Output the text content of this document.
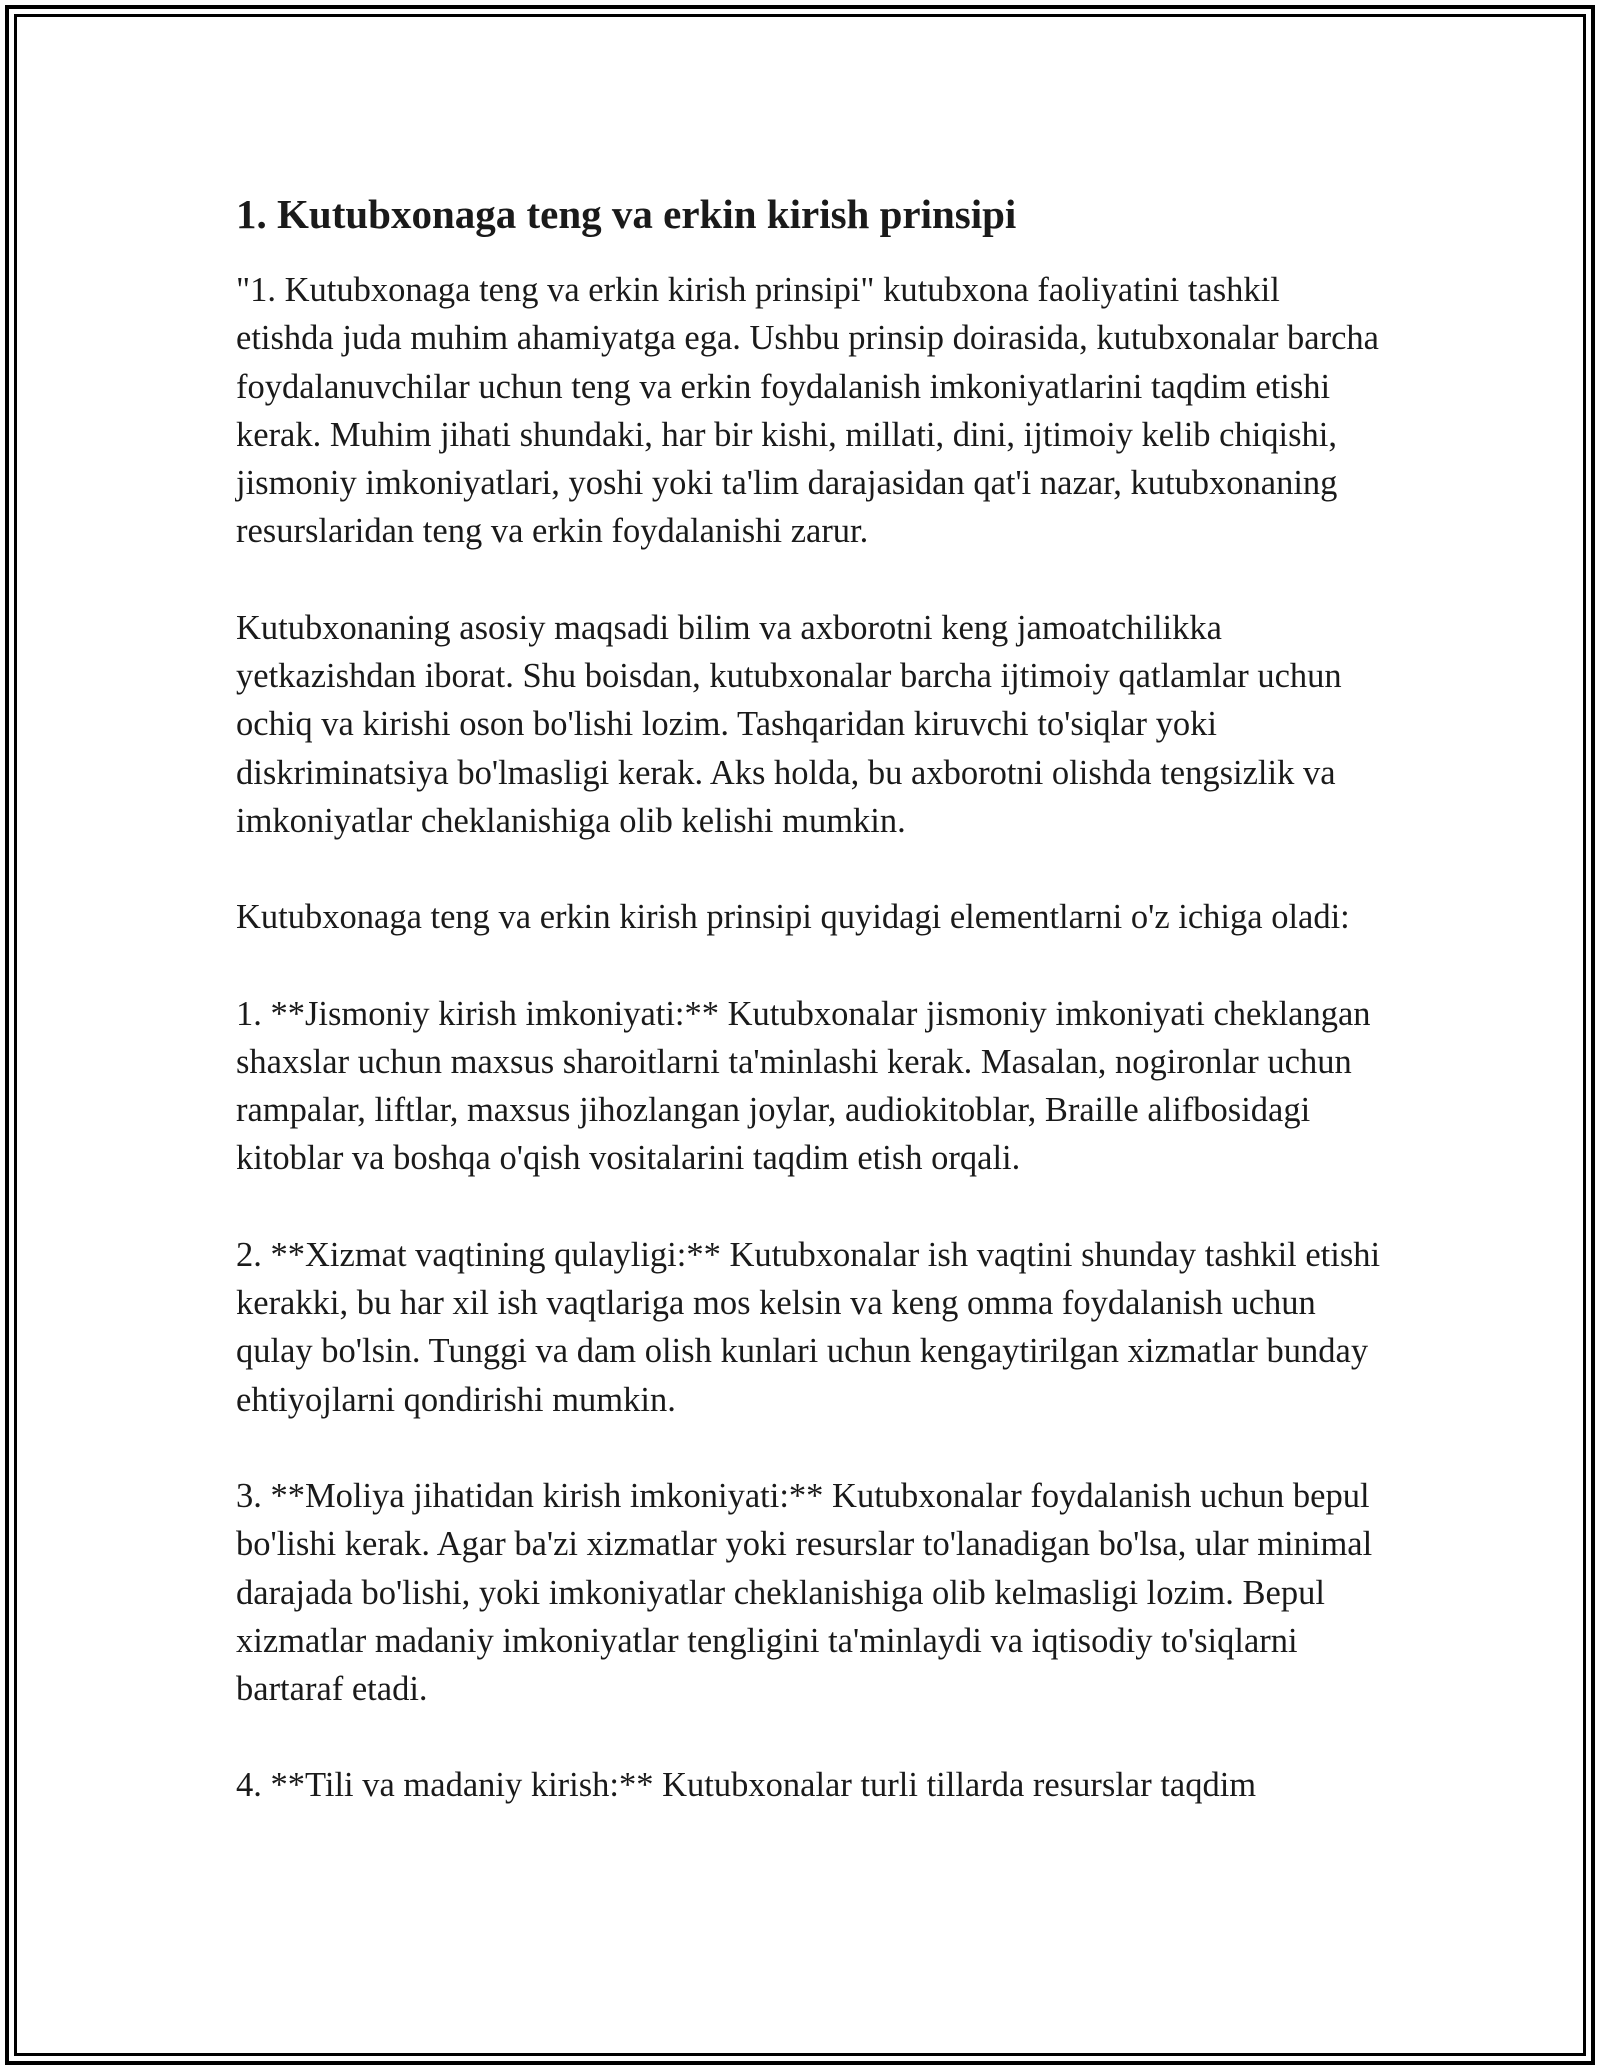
1. Kutubxonaga teng va erkin kirish prinsipi

"1. Kutubxonaga teng va erkin kirish prinsipi" kutubxona faoliyatini tashkil etishda juda muhim ahamiyatga ega. Ushbu prinsip doirasida, kutubxonalar barcha foydalanuvchilar uchun teng va erkin foydalanish imkoniyatlarini taqdim etishi kerak. Muhim jihati shundaki, har bir kishi, millati, dini, ijtimoiy kelib chiqishi, jismoniy imkoniyatlari, yoshi yoki ta'lim darajasidan qat'i nazar, kutubxonaning resurslaridan teng va erkin foydalanishi zarur.

Kutubxonaning asosiy maqsadi bilim va axborotni keng jamoatchilikka yetkazishdan iborat. Shu boisdan, kutubxonalar barcha ijtimoiy qatlamlar uchun ochiq va kirishi oson bo'lishi lozim. Tashqaridan kiruvchi to'siqlar yoki diskriminatsiya bo'lmasligi kerak. Aks holda, bu axborotni olishda tengsizlik va imkoniyatlar cheklanishiga olib kelishi mumkin.

Kutubxonaga teng va erkin kirish prinsipi quyidagi elementlarni o'z ichiga oladi:

1. **Jismoniy kirish imkoniyati:** Kutubxonalar jismoniy imkoniyati cheklangan shaxslar uchun maxsus sharoitlarni ta'minlashi kerak. Masalan, nogironlar uchun rampalar, liftlar, maxsus jihozlangan joylar, audiokitoblar, Braille alifbosidagi kitoblar va boshqa o'qish vositalarini taqdim etish orqali.

2. **Xizmat vaqtining qulayligi:** Kutubxonalar ish vaqtini shunday tashkil etishi kerakki, bu har xil ish vaqtlariga mos kelsin va keng omma foydalanish uchun qulay bo'lsin. Tunggi va dam olish kunlari uchun kengaytirilgan xizmatlar bunday ehtiyojlarni qondirishi mumkin.

3. **Moliya jihatidan kirish imkoniyati:** Kutubxonalar foydalanish uchun bepul bo'lishi kerak. Agar ba'zi xizmatlar yoki resurslar to'lanadigan bo'lsa, ular minimal darajada bo'lishi, yoki imkoniyatlar cheklanishiga olib kelmasligi lozim. Bepul xizmatlar madaniy imkoniyatlar tengligini ta'minlaydi va iqtisodiy to'siqlarni bartaraf etadi.

4. **Tili va madaniy kirish:** Kutubxonalar turli tillarda resurslar taqdim
